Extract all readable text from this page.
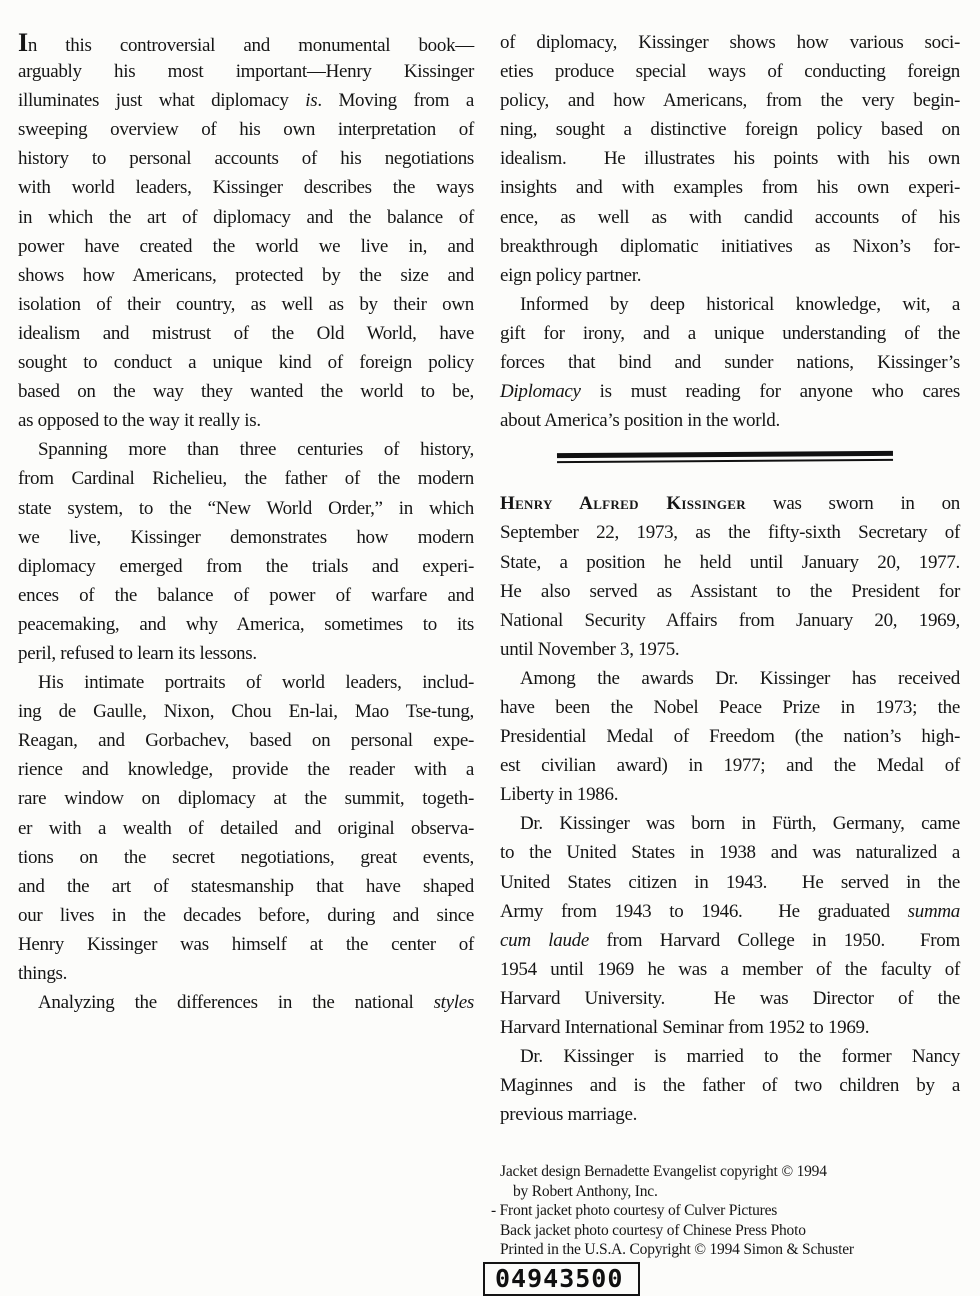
In this controversial and monumental book—
arguably his most important—Henry Kissinger
illuminates just what diplomacy is. Moving from a
sweeping overview of his own interpretation of
history to personal accounts of his negotiations
with world leaders, Kissinger describes the ways
in which the art of diplomacy and the balance of
power have created the world we live in, and
shows how Americans, protected by the size and
isolation of their country, as well as by their own
idealism and mistrust of the Old World, have
sought to conduct a unique kind of foreign policy
based on the way they wanted the world to be,
as opposed to the way it really is.
Spanning more than three centuries of history,
from Cardinal Richelieu, the father of the modern
state system, to the “New World Order,” in which
we live, Kissinger demonstrates how modern
diplomacy emerged from the trials and experi-
ences of the balance of power of warfare and
peacemaking, and why America, sometimes to its
peril, refused to learn its lessons.
His intimate portraits of world leaders, includ-
ing de Gaulle, Nixon, Chou En-lai, Mao Tse-tung,
Reagan, and Gorbachev, based on personal expe-
rience and knowledge, provide the reader with a
rare window on diplomacy at the summit, togeth-
er with a wealth of detailed and original observa-
tions on the secret negotiations, great events,
and the art of statesmanship that have shaped
our lives in the decades before, during and since
Henry Kissinger was himself at the center of
things.
Analyzing the differences in the national styles
of diplomacy, Kissinger shows how various soci-
eties produce special ways of conducting foreign
policy, and how Americans, from the very begin-
ning, sought a distinctive foreign policy based on
idealism.  He illustrates his points with his own
insights and with examples from his own experi-
ence, as well as with candid accounts of his
breakthrough diplomatic initiatives as Nixon’s for-
eign policy partner.
Informed by deep historical knowledge, wit, a
gift for irony, and a unique understanding of the
forces that bind and sunder nations, Kissinger’s
Diplomacy is must reading for anyone who cares
about America’s position in the world.
Henry Alfred Kissinger was sworn in on
September 22, 1973, as the fifty-sixth Secretary of
State, a position he held until January 20, 1977.
He also served as Assistant to the President for
National Security Affairs from January 20, 1969,
until November 3, 1975.
Among the awards Dr. Kissinger has received
have been the Nobel Peace Prize in 1973; the
Presidential Medal of Freedom (the nation’s high-
est civilian award) in 1977; and the Medal of
Liberty in 1986.
Dr. Kissinger was born in Fürth, Germany, came
to the United States in 1938 and was naturalized a
United States citizen in 1943.  He served in the
Army from 1943 to 1946.  He graduated summa
cum laude from Harvard College in 1950.  From
1954 until 1969 he was a member of the faculty of
Harvard University.  He was Director of the
Harvard International Seminar from 1952 to 1969.
Dr. Kissinger is married to the former Nancy
Maginnes and is the father of two children by a
previous marriage.
Jacket design Bernadette Evangelist copyright © 1994
by Robert Anthony, Inc.
- Front jacket photo courtesy of Culver Pictures
Back jacket photo courtesy of Chinese Press Photo
Printed in the U.S.A. Copyright © 1994 Simon & Schuster
04943500
